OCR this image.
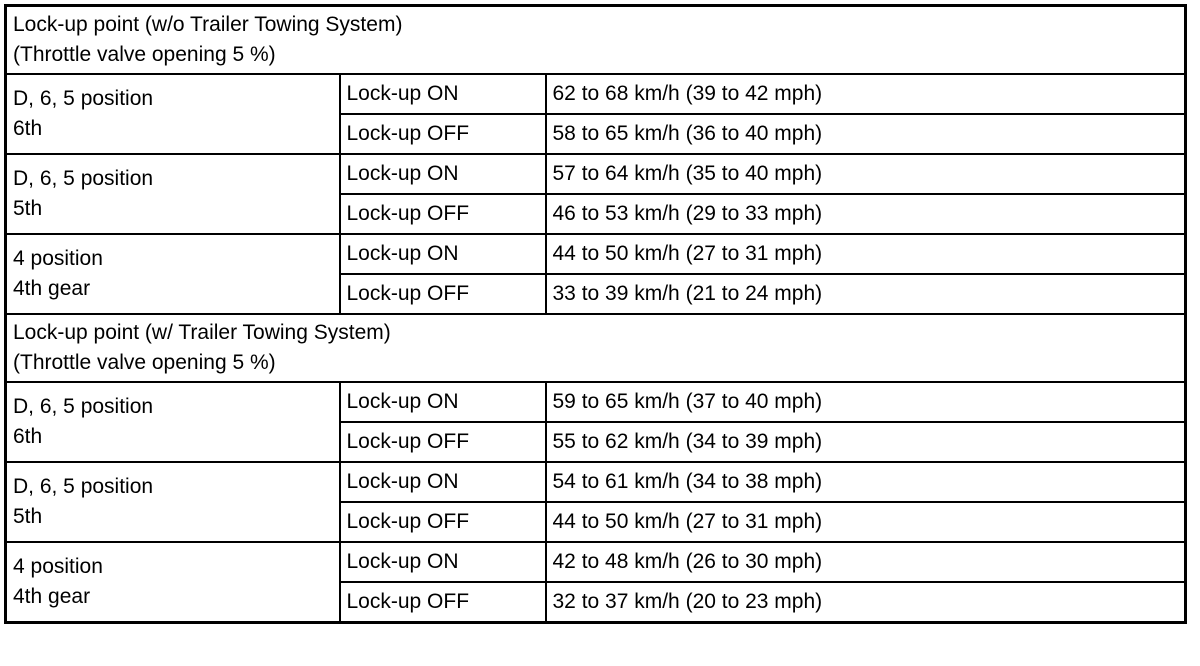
Lock-up point (w/o Trailer Towing System)
(Throttle valve opening 5 %)		

D, 6, 5 position
6th	Lock-up ON	62 to 68 km/h (39 to 42 mph)
	Lock-up OFF	58 to 65 km/h (36 to 40 mph)

D, 6, 5 position
5th	Lock-up ON	57 to 64 km/h (35 to 40 mph)
	Lock-up OFF	46 to 53 km/h (29 to 33 mph)

4 position
4th gear	Lock-up ON	44 to 50 km/h (27 to 31 mph)
	Lock-up OFF	33 to 39 km/h (21 to 24 mph)

Lock-up point (w/ Trailer Towing System)
(Throttle valve opening 5 %)		

D, 6, 5 position
6th	Lock-up ON	59 to 65 km/h (37 to 40 mph)
	Lock-up OFF	55 to 62 km/h (34 to 39 mph)

D, 6, 5 position
5th	Lock-up ON	54 to 61 km/h (34 to 38 mph)
	Lock-up OFF	44 to 50 km/h (27 to 31 mph)

4 position
4th gear	Lock-up ON	42 to 48 km/h (26 to 30 mph)
	Lock-up OFF	32 to 37 km/h (20 to 23 mph)
